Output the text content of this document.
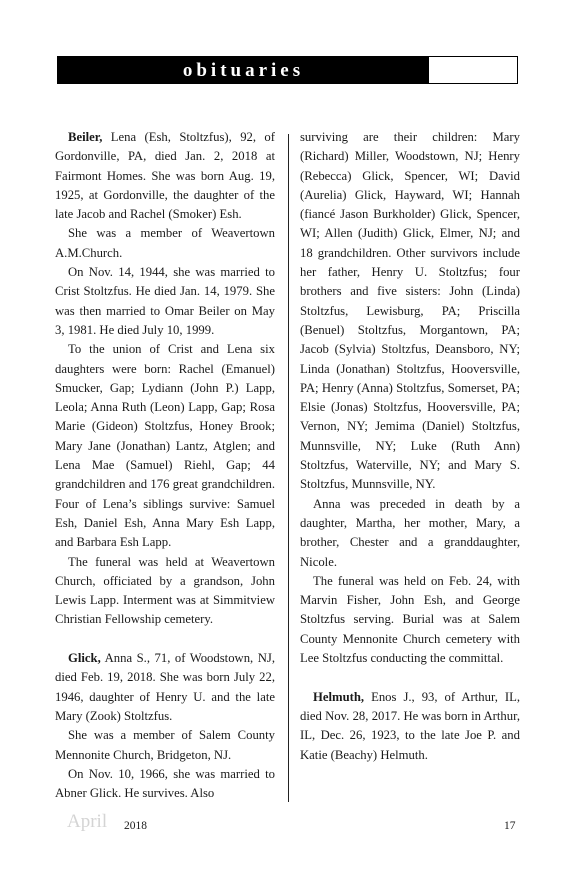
obituaries

Beiler, Lena (Esh, Stoltzfus), 92, of Gordonville, PA, died Jan. 2, 2018 at Fairmont Homes. She was born Aug. 19, 1925, at Gordonville, the daughter of the late Jacob and Rachel (Smoker) Esh.

She was a member of Weavertown A.M.Church.

On Nov. 14, 1944, she was married to Crist Stoltzfus. He died Jan. 14, 1979. She was then married to Omar Beiler on May 3, 1981. He died July 10, 1999.

To the union of Crist and Lena six daughters were born: Rachel (Emanuel) Smucker, Gap; Lydiann (John P.) Lapp, Leola; Anna Ruth (Leon) Lapp, Gap; Rosa Marie (Gideon) Stoltzfus, Honey Brook; Mary Jane (Jonathan) Lantz, Atglen; and Lena Mae (Samuel) Riehl, Gap; 44 grandchildren and 176 great grandchildren. Four of Lena’s siblings survive: Samuel Esh, Daniel Esh, Anna Mary Esh Lapp, and Barbara Esh Lapp.

The funeral was held at Weavertown Church, officiated by a grandson, John Lewis Lapp. Interment was at Simmitview Christian Fellowship cemetery.

Glick, Anna S., 71, of Woodstown, NJ, died Feb. 19, 2018. She was born July 22, 1946, daughter of Henry U. and the late Mary (Zook) Stoltzfus.

She was a member of Salem County Mennonite Church, Bridgeton, NJ.

On Nov. 10, 1966, she was married to Abner Glick. He survives. Also

surviving are their children: Mary (Richard) Miller, Woodstown, NJ; Henry (Rebecca) Glick, Spencer, WI; David (Aurelia) Glick, Hayward, WI; Hannah (fiancé Jason Burkholder) Glick, Spencer, WI; Allen (Judith) Glick, Elmer, NJ; and 18 grandchildren. Other survivors include her father, Henry U. Stoltzfus; four brothers and five sisters: John (Linda) Stoltzfus, Lewisburg, PA; Priscilla (Benuel) Stoltzfus, Morgantown, PA; Jacob (Sylvia) Stoltzfus, Deansboro, NY; Linda (Jonathan) Stoltzfus, Hooversville, PA; Henry (Anna) Stoltzfus, Somerset, PA; Elsie (Jonas) Stoltzfus, Hooversville, PA; Vernon, NY; Jemima (Daniel) Stoltzfus, Munnsville, NY; Luke (Ruth Ann) Stoltzfus, Waterville, NY; and Mary S. Stoltzfus, Munnsville, NY.

Anna was preceded in death by a daughter, Martha, her mother, Mary, a brother, Chester and a granddaughter, Nicole.

The funeral was held on Feb. 24, with Marvin Fisher, John Esh, and George Stoltzfus serving. Burial was at Salem County Mennonite Church cemetery with Lee Stoltzfus conducting the committal.

Helmuth, Enos J., 93, of Arthur, IL, died Nov. 28, 2017. He was born in Arthur, IL, Dec. 26, 1923, to the late Joe P. and Katie (Beachy) Helmuth.

April 2018	17
